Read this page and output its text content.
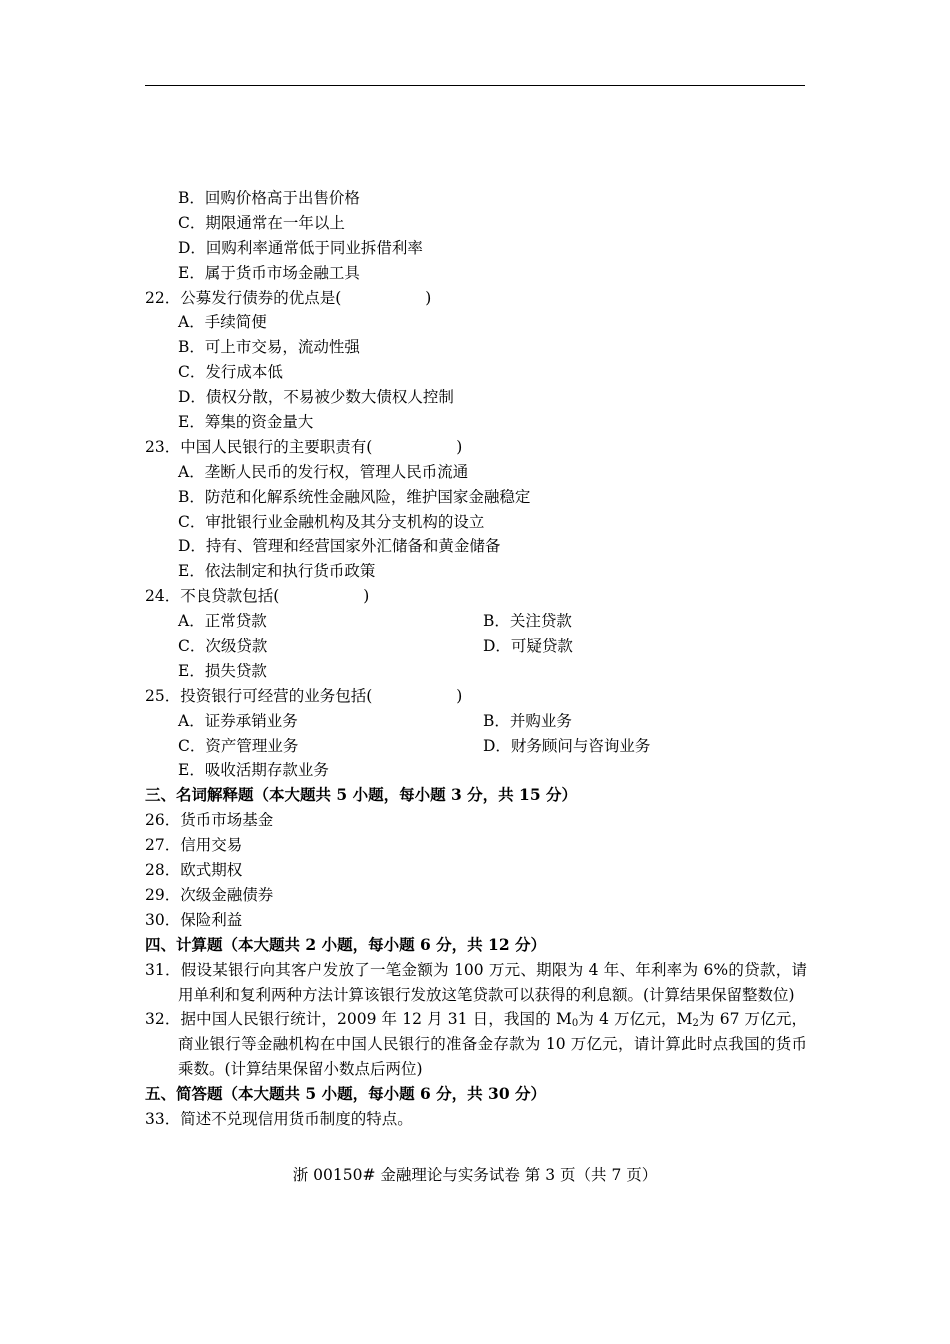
B．回购价格高于出售价格
C．期限通常在一年以上
D．回购利率通常低于同业拆借利率
E．属于货币市场金融工具
22．公募发行债券的优点是(	)
A．手续简便
B．可上市交易，流动性强
C．发行成本低
D．债权分散，不易被少数大债权人控制
E．筹集的资金量大
23．中国人民银行的主要职责有(	)
A．垄断人民币的发行权，管理人民币流通
B．防范和化解系统性金融风险，维护国家金融稳定
C．审批银行业金融机构及其分支机构的设立
D．持有、管理和经营国家外汇储备和黄金储备
E．依法制定和执行货币政策
24．不良贷款包括(	)
A．正常贷款	B．关注贷款
C．次级贷款	D．可疑贷款
E．损失贷款
25．投资银行可经营的业务包括(	)
A．证券承销业务	B．并购业务
C．资产管理业务	D．财务顾问与咨询业务
E．吸收活期存款业务
三、名词解释题（本大题共 5 小题，每小题 3 分，共 15 分）
26．货币市场基金
27．信用交易
28．欧式期权
29．次级金融债券
30．保险利益
四、计算题（本大题共 2 小题，每小题 6 分，共 12 分）
31．假设某银行向其客户发放了一笔金额为 100 万元、期限为 4 年、年利率为 6%的贷款，请用单利和复利两种方法计算该银行发放这笔贷款可以获得的利息额。(计算结果保留整数位)
32．据中国人民银行统计，2009 年 12 月 31 日，我国的 $M_0$为 4 万亿元，$M_2$为 67 万亿元，商业银行等金融机构在中国人民银行的准备金存款为 10 万亿元，请计算此时点我国的货币乘数。(计算结果保留小数点后两位)
五、简答题（本大题共 5 小题，每小题 6 分，共 30 分）
33．简述不兑现信用货币制度的特点。
浙 00150# 金融理论与实务试卷 第 3 页（共 7 页）
